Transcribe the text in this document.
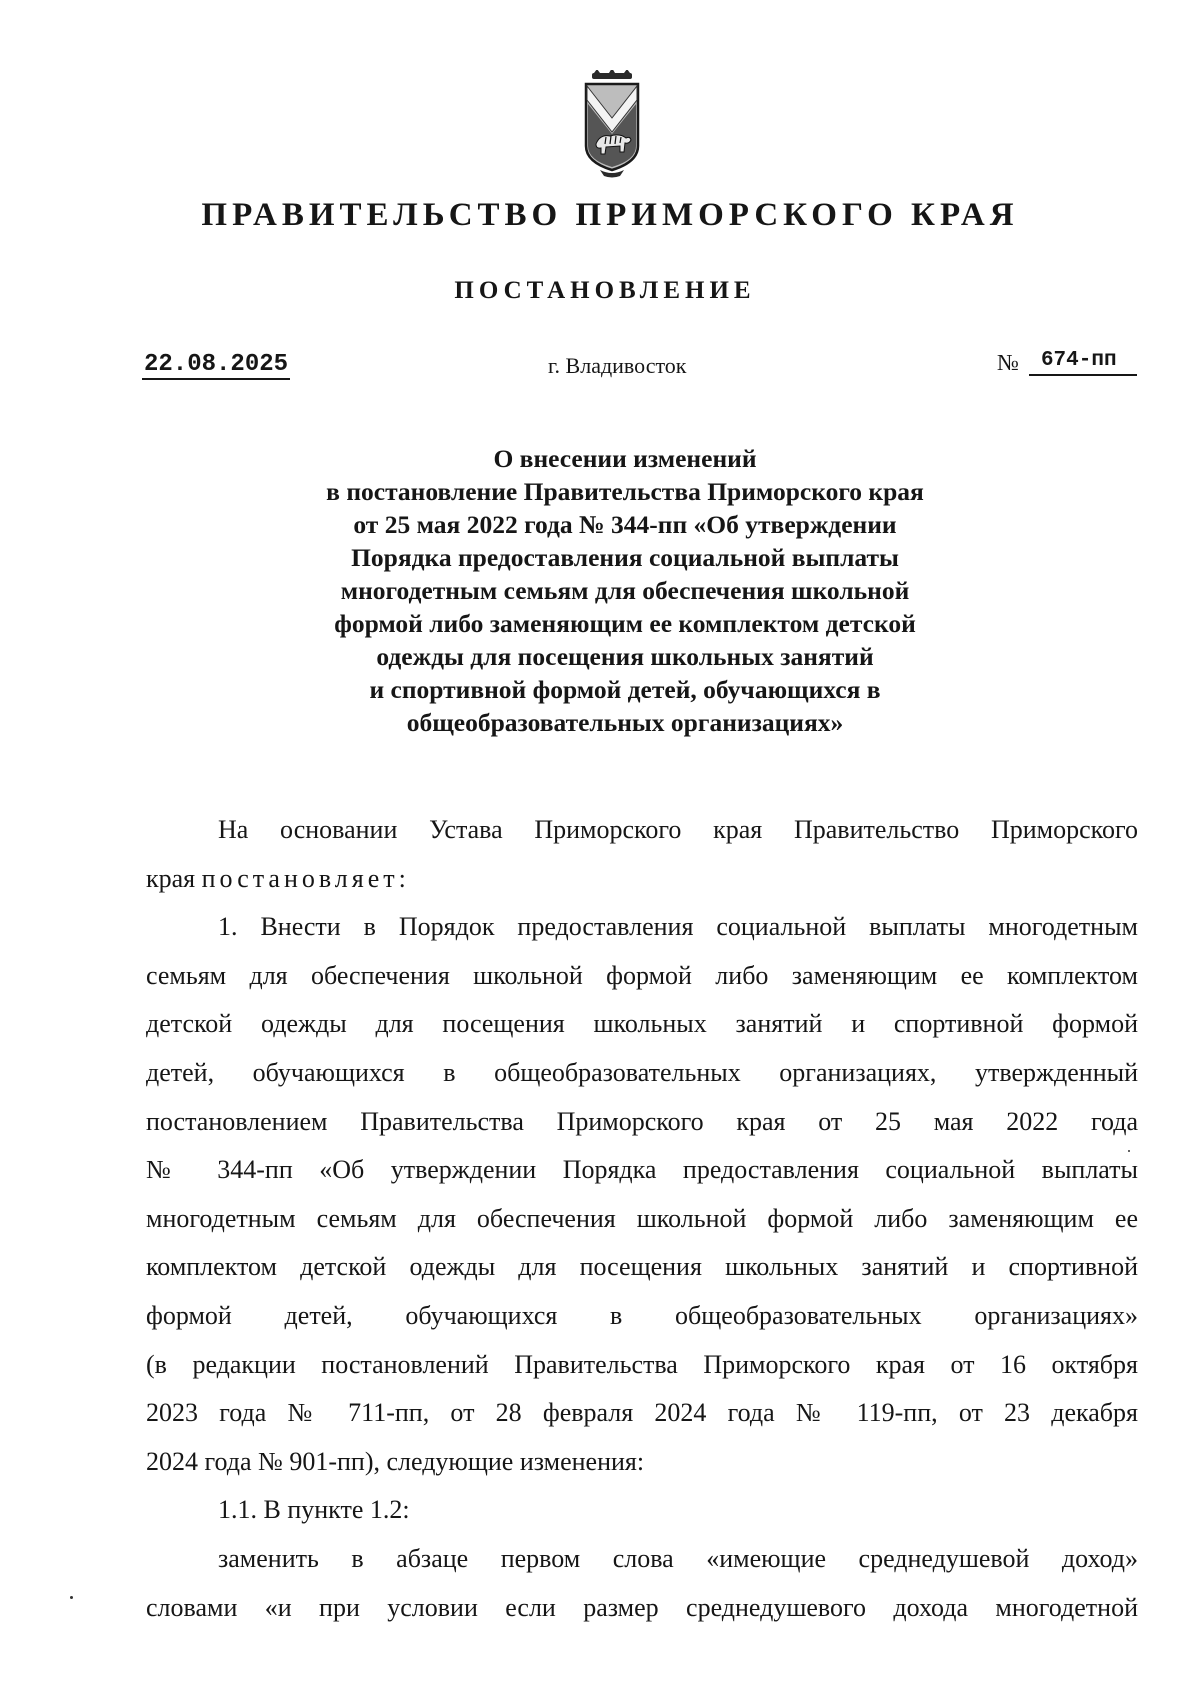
ПРАВИТЕЛЬСТВО ПРИМОРСКОГО КРАЯ
ПОСТАНОВЛЕНИЕ
22.08.2025	г. Владивосток	№	674-пп
О внесении изменений
в постановление Правительства Приморского края
от 25 мая 2022 года № 344-пп «Об утверждении
Порядка предоставления социальной выплаты
многодетным семьям для обеспечения школьной
формой либо заменяющим ее комплектом детской
одежды для посещения школьных занятий
и спортивной формой детей, обучающихся в
общеобразовательных организациях»
На основании Устава Приморского края Правительство Приморского
края постановляет:
1. Внести в Порядок предоставления социальной выплаты многодетным
семьям для обеспечения школьной формой либо заменяющим ее комплектом
детской одежды для посещения школьных занятий и спортивной формой
детей, обучающихся в общеобразовательных организациях, утвержденный
постановлением Правительства Приморского края от 25 мая 2022 года
№ 344-пп «Об утверждении Порядка предоставления социальной выплаты
многодетным семьям для обеспечения школьной формой либо заменяющим ее
комплектом детской одежды для посещения школьных занятий и спортивной
формой детей, обучающихся в общеобразовательных организациях»
(в редакции постановлений Правительства Приморского края от 16 октября
2023 года № 711-пп, от 28 февраля 2024 года № 119-пп, от 23 декабря
2024 года № 901-пп), следующие изменения:
1.1. В пункте 1.2:
заменить в абзаце первом слова «имеющие среднедушевой доход»
словами «и при условии если размер среднедушевого дохода многодетной
